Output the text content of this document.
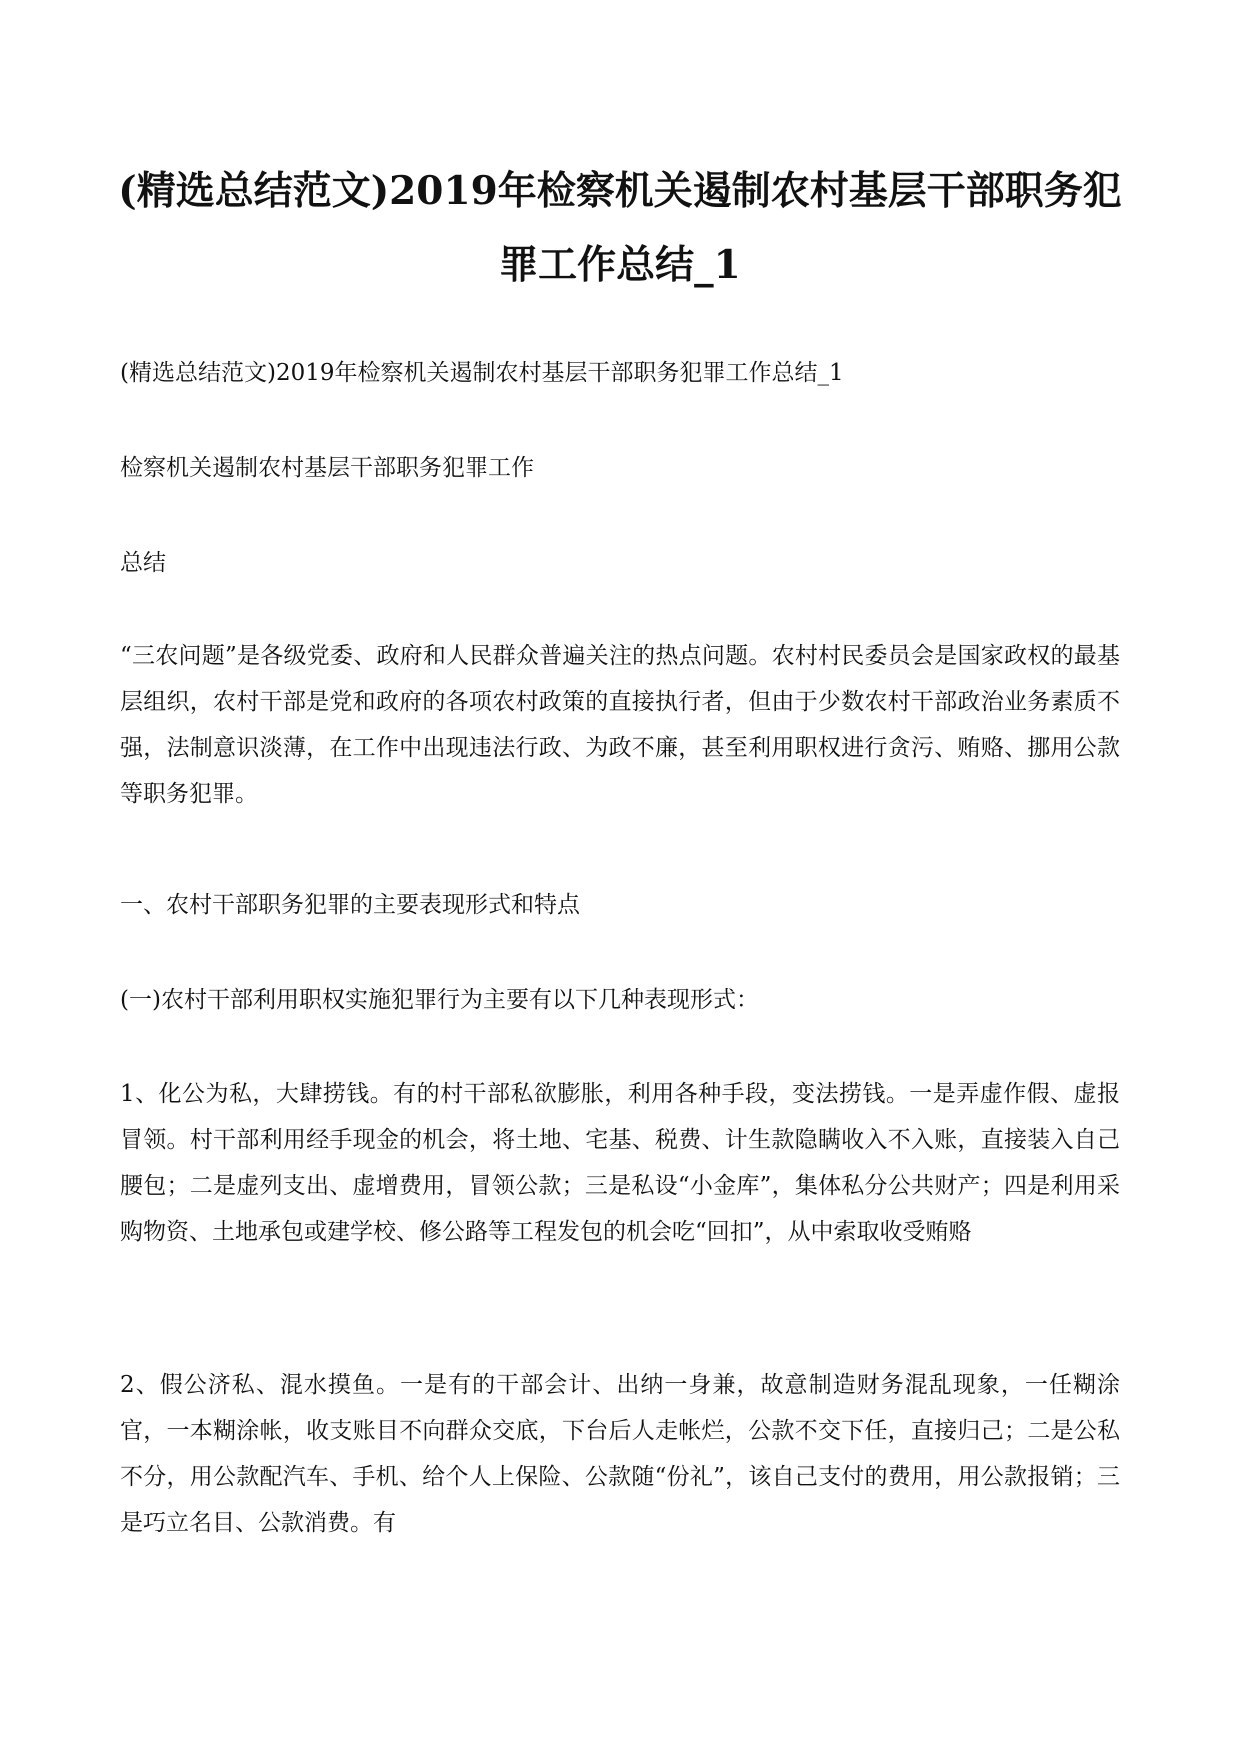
(精选总结范文)2019年检察机关遏制农村基层干部职务犯罪工作总结_1

(精选总结范文)2019年检察机关遏制农村基层干部职务犯罪工作总结_1

检察机关遏制农村基层干部职务犯罪工作

总结

“三农问题”是各级党委、政府和人民群众普遍关注的热点问题。农村村民委员会是国家政权的最基层组织，农村干部是党和政府的各项农村政策的直接执行者，但由于少数农村干部政治业务素质不强，法制意识淡薄，在工作中出现违法行政、为政不廉，甚至利用职权进行贪污、贿赂、挪用公款等职务犯罪。

一、农村干部职务犯罪的主要表现形式和特点

(一)农村干部利用职权实施犯罪行为主要有以下几种表现形式：

1、化公为私，大肆捞钱。有的村干部私欲膨胀，利用各种手段，变法捞钱。一是弄虚作假、虚报冒领。村干部利用经手现金的机会，将土地、宅基、税费、计生款隐瞒收入不入账，直接装入自己腰包；二是虚列支出、虚增费用，冒领公款；三是私设“小金库”，集体私分公共财产；四是利用采购物资、土地承包或建学校、修公路等工程发包的机会吃“回扣”，从中索取收受贿赂

2、假公济私、混水摸鱼。一是有的干部会计、出纳一身兼，故意制造财务混乱现象，一任糊涂官，一本糊涂帐，收支账目不向群众交底，下台后人走帐烂，公款不交下任，直接归己；二是公私不分，用公款配汽车、手机、给个人上保险、公款随“份礼”，该自己支付的费用，用公款报销；三是巧立名目、公款消费。有
